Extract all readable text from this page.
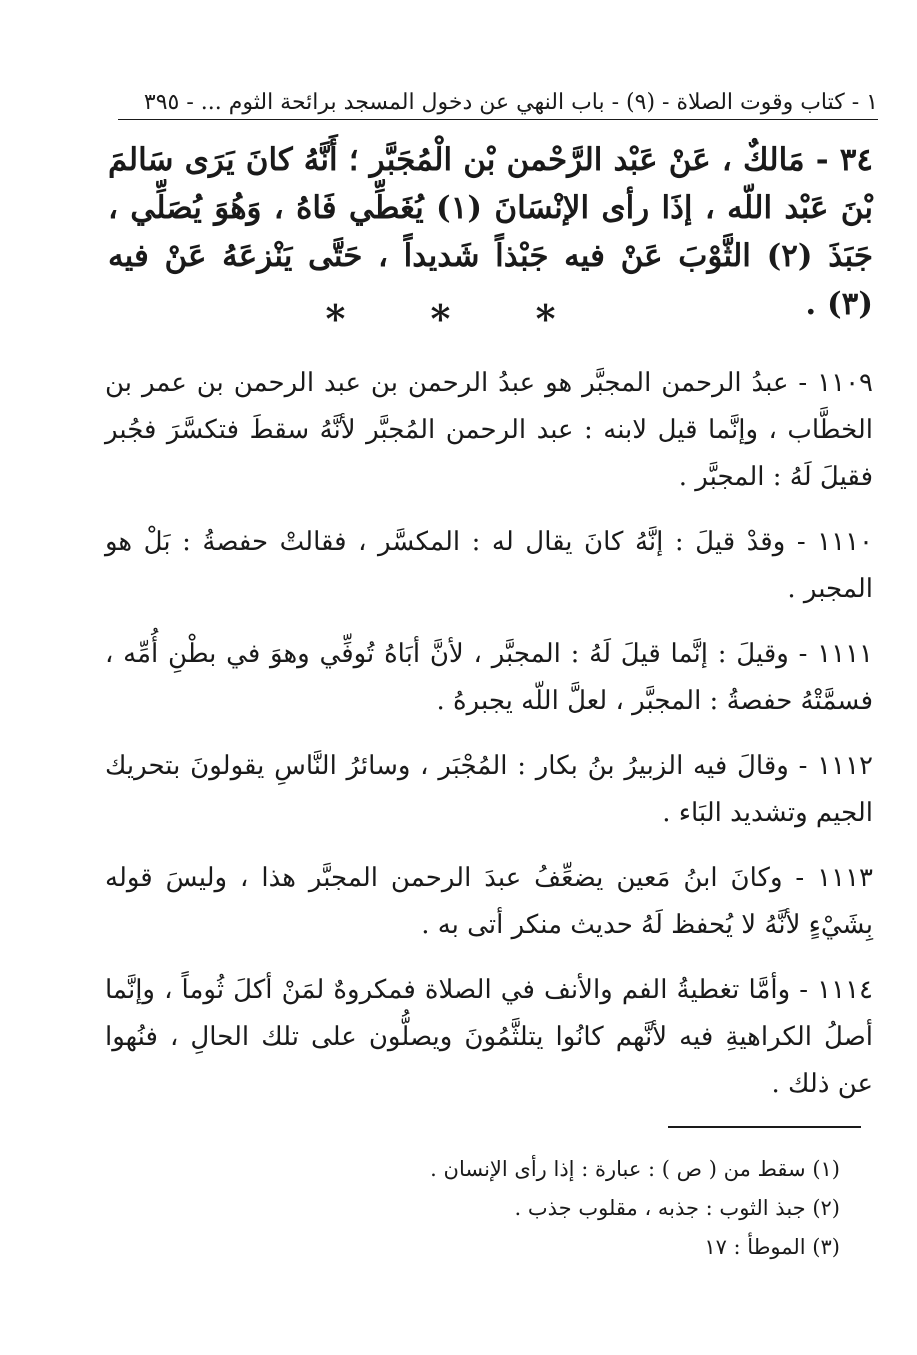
١ - كتاب وقوت الصلاة - (٩) - باب النهي عن دخول المسجد برائحة الثوم ... - ٣٩٥
٣٤ - مَالكٌ ، عَنْ عَبْد الرَّحْمن بْن الْمُجَبَّر ؛ أَنَّهُ كانَ يَرَى سَالمَ بْنَ عَبْد اللّه ، إذَا رأى الإنْسَانَ (١) يُغَطِّي فَاهُ ، وَهُوَ يُصَلِّي ، جَبَذَ (٢) الثَّوْبَ عَنْ فيه جَبْذاً شَديداً ، حَتَّى يَنْزعَهُ عَنْ فيه (٣) .
* * *

١١٠٩ - عبدُ الرحمن المجبَّر هو عبدُ الرحمن بن عبد الرحمن بن عمر بن الخطَّاب ، وإنَّما قيل لابنه : عبد الرحمن المُجبَّر لأنَّهُ سقطَ فتكسَّرَ فجُبر فقيلَ لَهُ : المجبَّر .

١١١٠ - وقدْ قيلَ : إنَّهُ كانَ يقال له : المكسَّر ، فقالتْ حفصةُ : بَلْ هو المجبر .

١١١١ - وقيلَ : إنَّما قيلَ لَهُ : المجبَّر ، لأنَّ أبَاهُ تُوفِّي وهوَ في بطْنِ أُمِّه ، فسمَّتْهُ حفصةُ : المجبَّر ، لعلَّ اللّه يجبرهُ .

١١١٢ - وقالَ فيه الزبيرُ بنُ بكار : المُجْبَر ، وسائرُ النَّاسِ يقولونَ بتحريك الجيم وتشديد البَاء .

١١١٣ - وكانَ ابنُ مَعين يضعِّفُ عبدَ الرحمن المجبَّر هذا ، وليسَ قوله بِشَيْءٍ لأنَّهُ لا يُحفظ لَهُ حديث منكر أتى به .

١١١٤ - وأمَّا تغطيةُ الفم والأنف في الصلاة فمكروهٌ لمَنْ أكلَ ثُوماً ، وإنَّما أصلُ الكراهيةِ فيه لأنَّهم كانُوا يتلثَّمُونَ ويصلُّون على تلك الحالِ ، فنُهوا عن ذلك .

(١) سقط من ( ص ) : عبارة : إذا رأى الإنسان .
(٢) جبذ الثوب : جذبه ، مقلوب جذب .
(٣) الموطأ : ١٧
